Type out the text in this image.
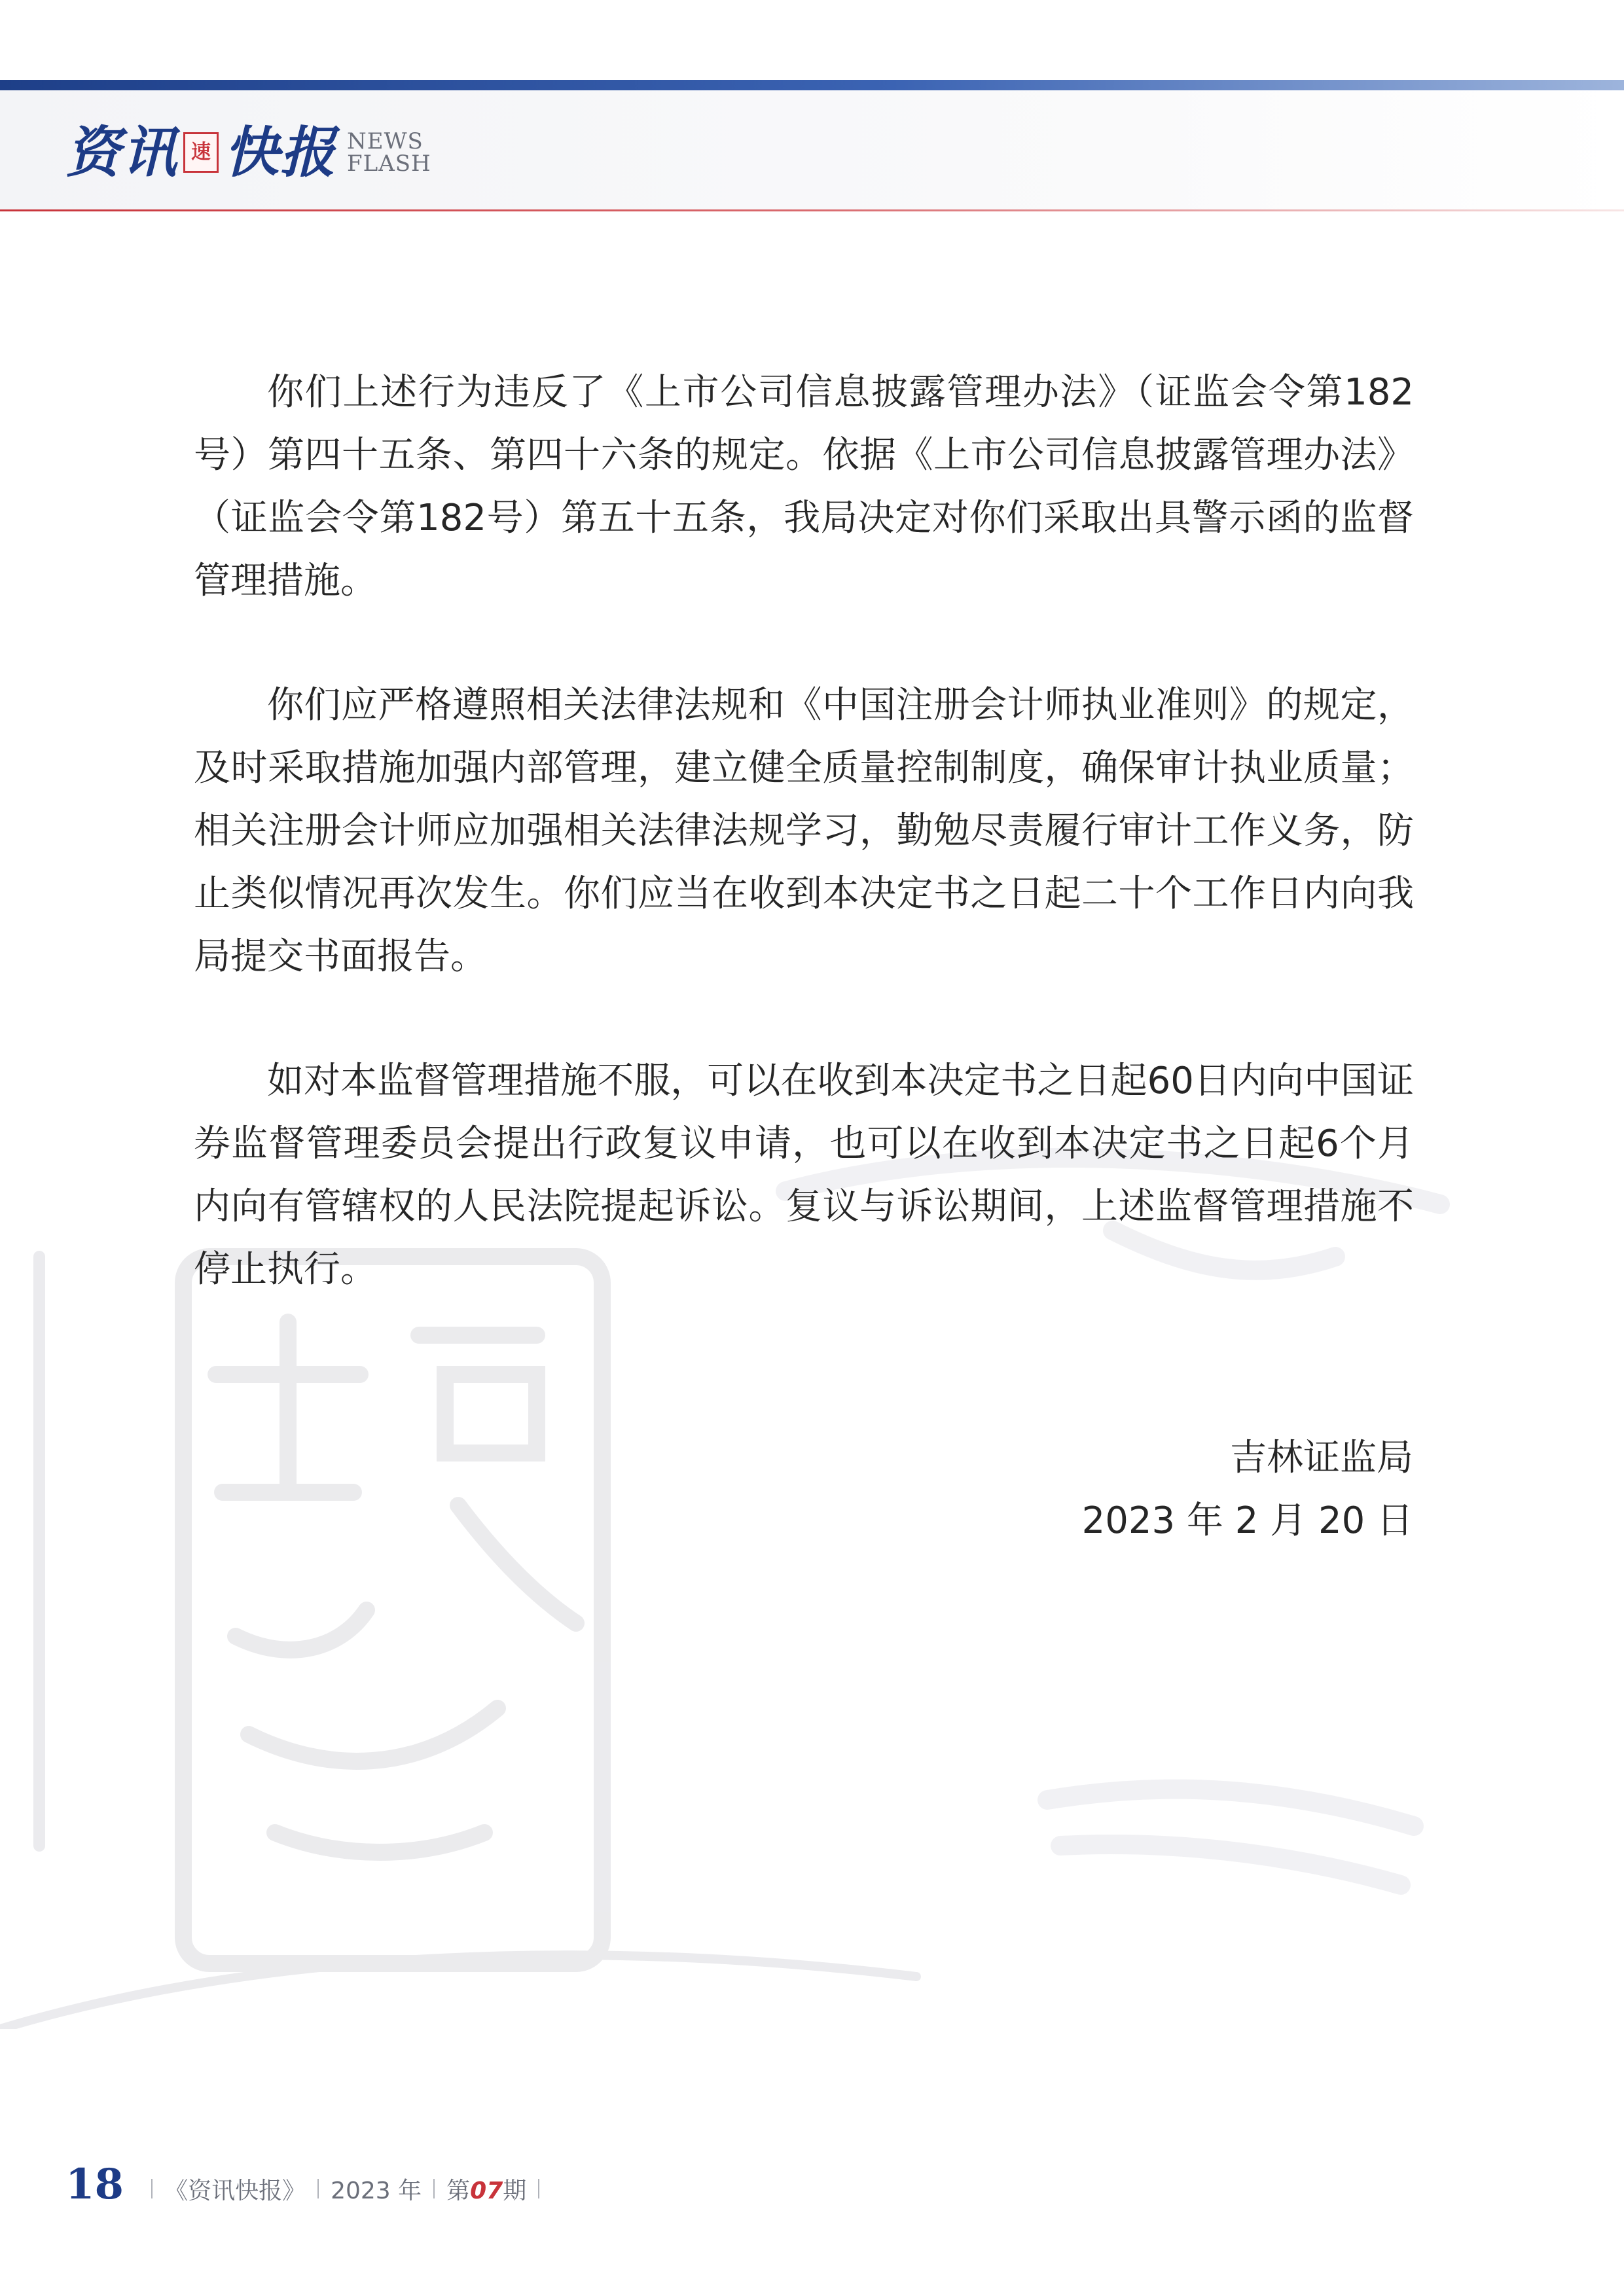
资讯 速 快报 NEWS
FLASH

你们上述行为违反了《上市公司信息披露管理办法》（证监会令第182号）第四十五条、第四十六条的规定。依据《上市公司信息披露管理办法》（证监会令第182号）第五十五条，我局决定对你们采取出具警示函的监督管理措施。

你们应严格遵照相关法律法规和《中国注册会计师执业准则》的规定，及时采取措施加强内部管理，建立健全质量控制制度，确保审计执业质量；相关注册会计师应加强相关法律法规学习，勤勉尽责履行审计工作义务，防止类似情况再次发生。你们应当在收到本决定书之日起二十个工作日内向我局提交书面报告。

如对本监督管理措施不服，可以在收到本决定书之日起60日内向中国证券监督管理委员会提出行政复议申请，也可以在收到本决定书之日起6个月内向有管辖权的人民法院提起诉讼。复议与诉讼期间，上述监督管理措施不停止执行。

吉林证监局
2023 年 2 月 20 日
18 《资讯快报》 2023 年 第 07 期
